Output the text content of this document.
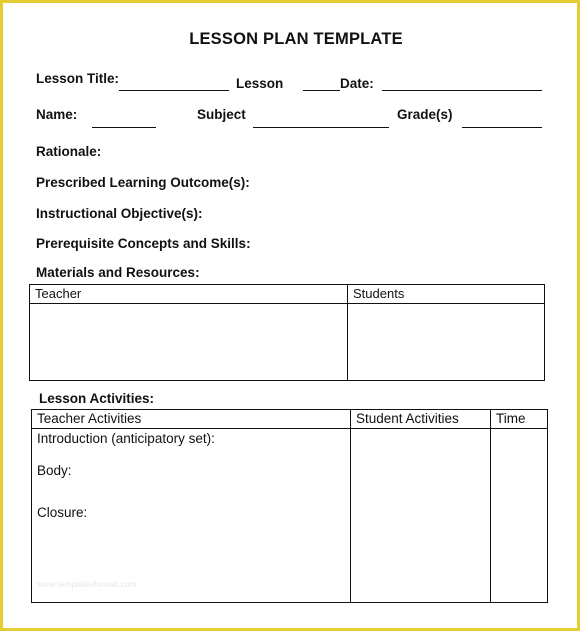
LESSON PLAN TEMPLATE
Lesson Title:	Lesson	Date:
Name:	Subject	Grade(s)
Rationale:
Prescribed Learning Outcome(s):
Instructional Objective(s):
Prerequisite Concepts and Skills:
Materials and Resources:
Teacher	Students

Lesson Activities:
Teacher Activities	Student Activities	Time

Introduction (anticipatory set):
Body:
Closure:
www.templatesformat.com		
